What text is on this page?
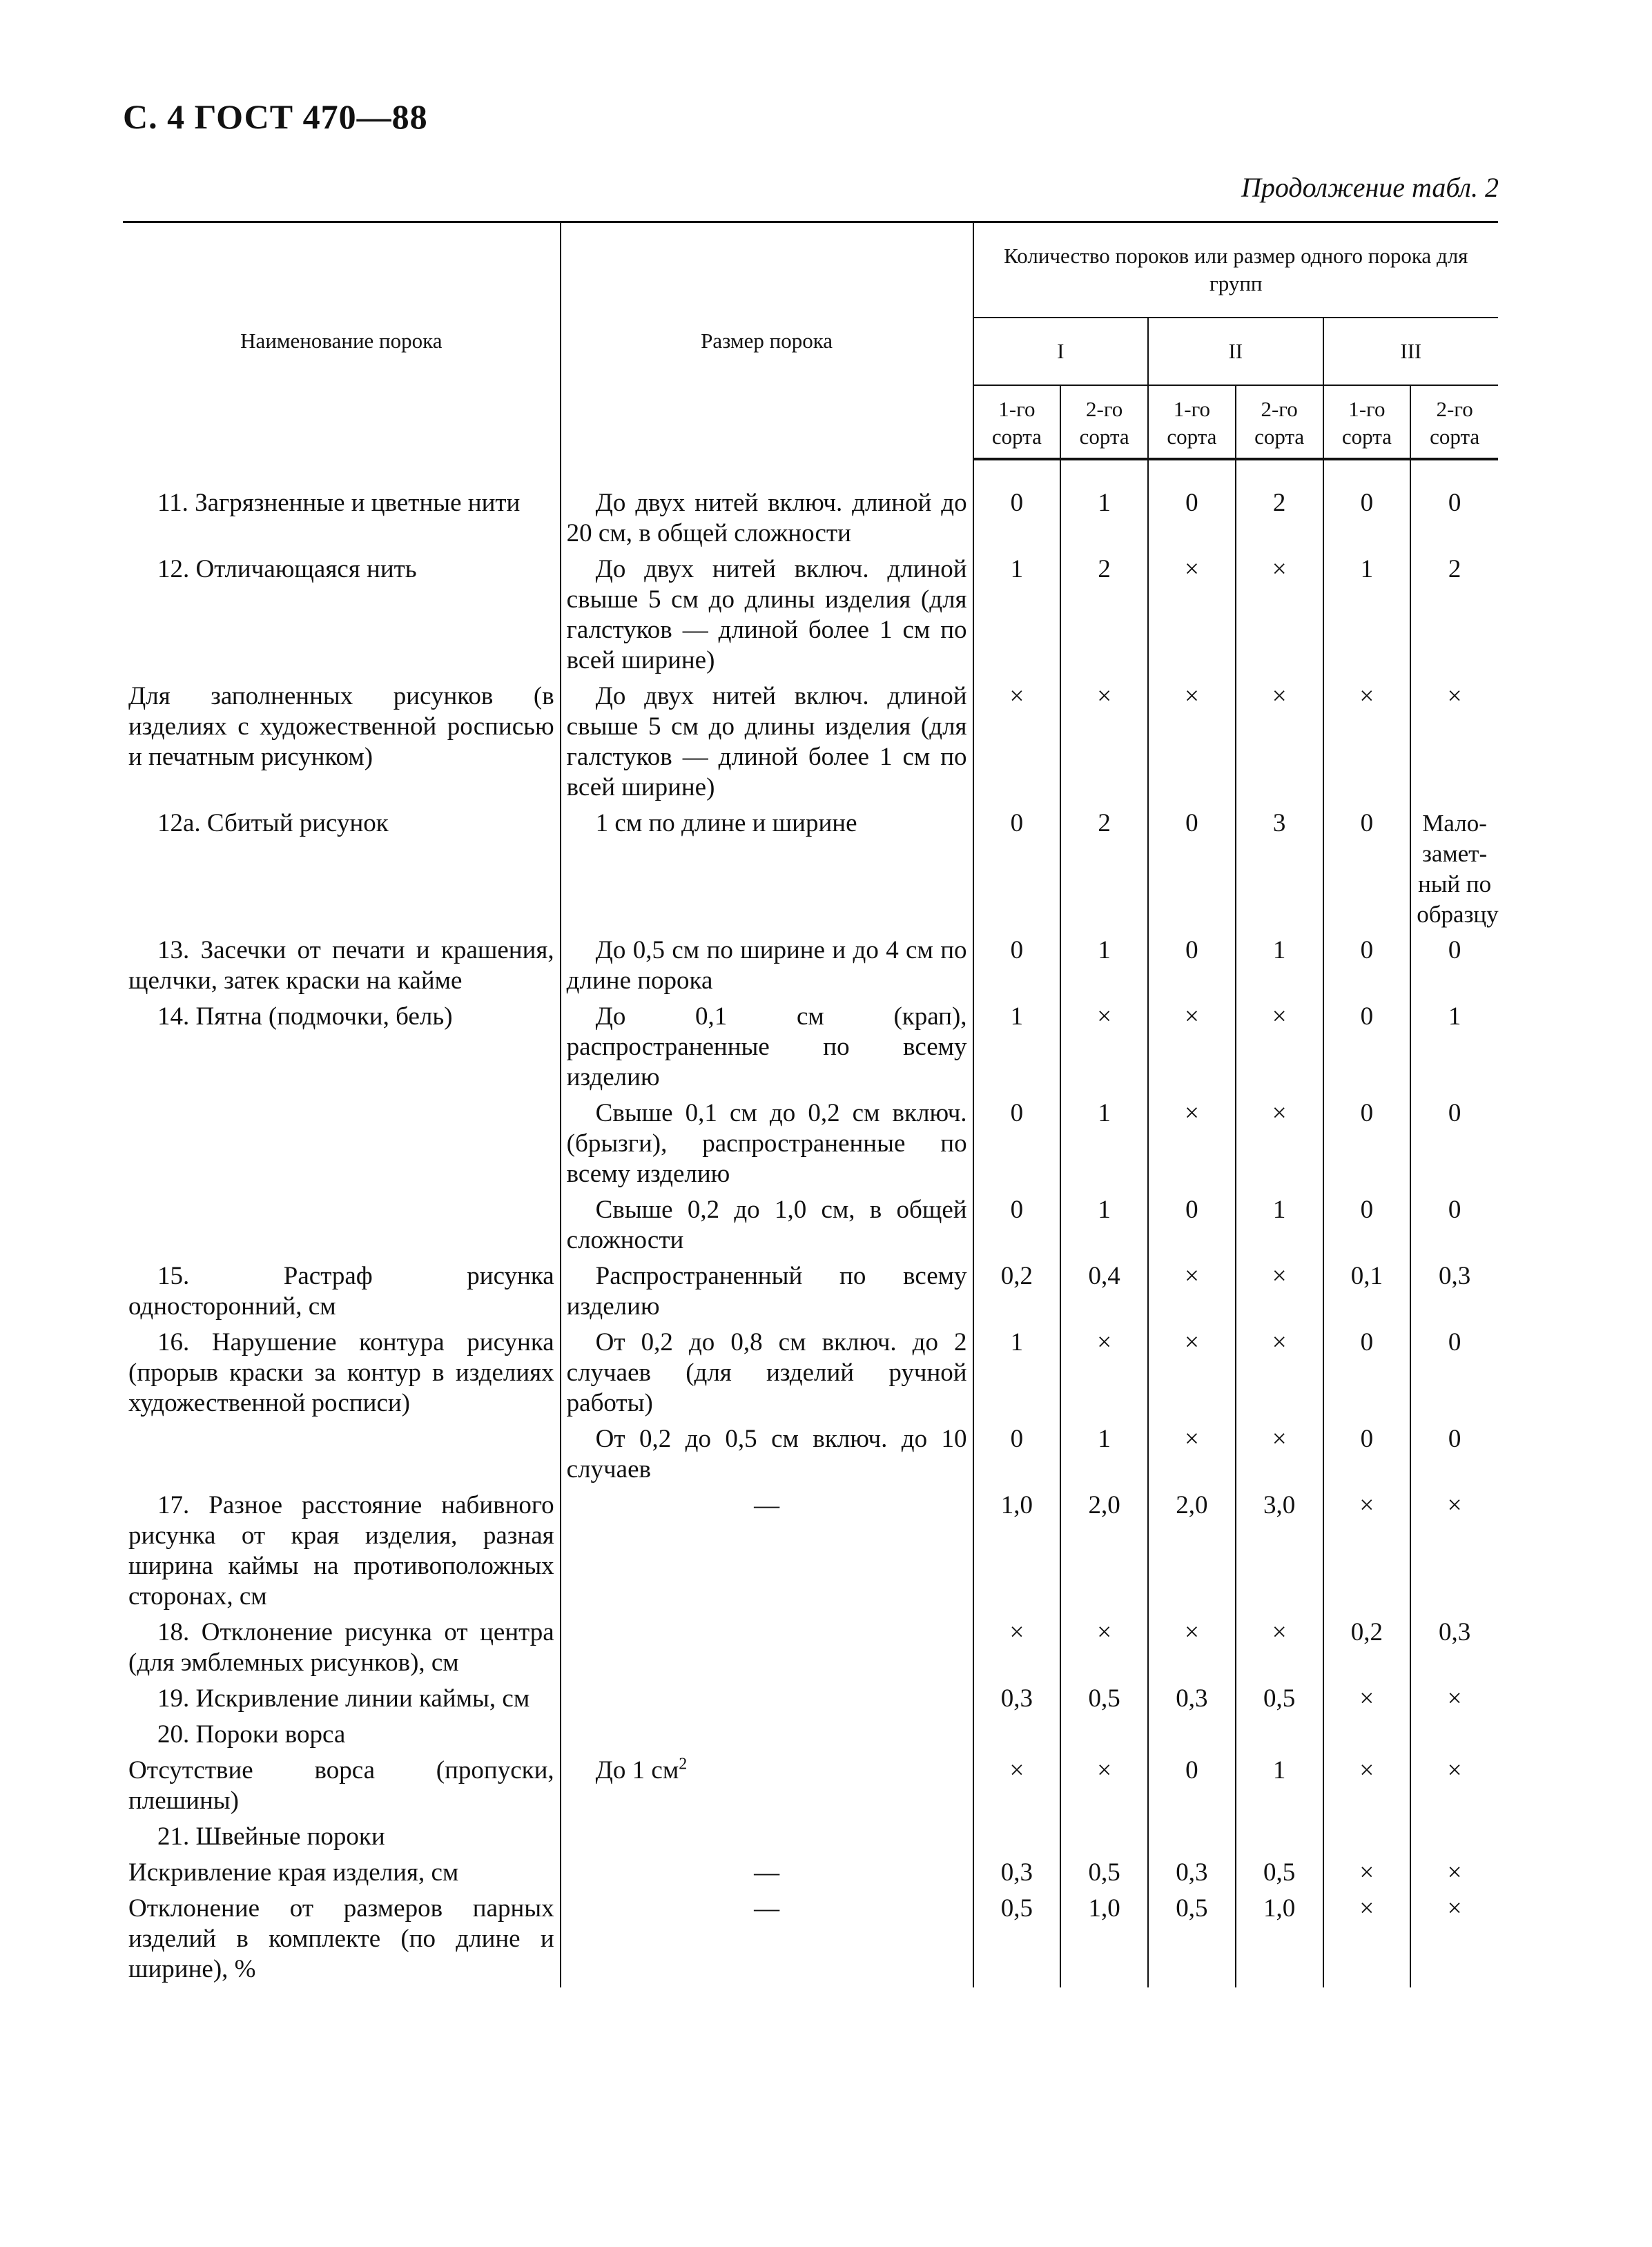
С. 4 ГОСТ 470—88
Продолжение табл. 2
Наименование порока	Размер порока	Количество пороков или размер одного порока для групп					
		I		II		III	
		1-го сорта	2-го сорта	1-го сорта	2-го сорта	1-го сорта	2-го сорта

11. Загрязненные и цветные нити	До двух нитей включ. длиной до 20 см, в общей сложности	0	1	0	2	0	0

12. Отличающаяся нить	До двух нитей включ. длиной свыше 5 см до длины изделия (для галстуков — длиной более 1 см по всей ширине)	1	2	×	×	1	2

Для заполненных рисунков (в изделиях с художественной росписью и печатным рисунком)	До двух нитей включ. длиной свыше 5 см до длины изделия (для галстуков — длиной более 1 см по всей ширине)	×	×	×	×	×	×

12а. Сбитый рисунок	1 см по длине и ширине	0	2	0	3	0	Мало-замет-ный по образцу

13. Засечки от печати и крашения, щелчки, затек краски на кайме	До 0,5 см по ширине и до 4 см по длине порока	0	1	0	1	0	0

14. Пятна (подмочки, бель)	До 0,1 см (крап), распространенные по всему изделию	1	×	×	×	0	1

	Свыше 0,1 см до 0,2 см включ. (брызги), распространенные по всему изделию	0	1	×	×	0	0

	Свыше 0,2 до 1,0 см, в общей сложности	0	1	0	1	0	0

15. Растраф рисунка односторонний, см	Распространенный по всему изделию	0,2	0,4	×	×	0,1	0,3

16. Нарушение контура рисунка (прорыв краски за контур в изделиях художественной росписи)	От 0,2 до 0,8 см включ. до 2 случаев (для изделий ручной работы)	1	×	×	×	0	0

	От 0,2 до 0,5 см включ. до 10 случаев	0	1	×	×	0	0

17. Разное расстояние набивного рисунка от края изделия, разная ширина каймы на противоположных сторонах, см	—	1,0	2,0	2,0	3,0	×	×

18. Отклонение рисунка от центра (для эмблемных рисунков), см		×	×	×	×	0,2	0,3

19. Искривление линии каймы, см		0,3	0,5	0,3	0,5	×	×

20. Пороки ворса							

Отсутствие ворса (пропуски, плешины)	До 1 $см^2$	×	×	0	1	×	×

21. Швейные пороки							

Искривление края изделия, см	—	0,3	0,5	0,3	0,5	×	×

Отклонение от размеров парных изделий в комплекте (по длине и ширине), %	—	0,5	1,0	0,5	1,0	×	×
